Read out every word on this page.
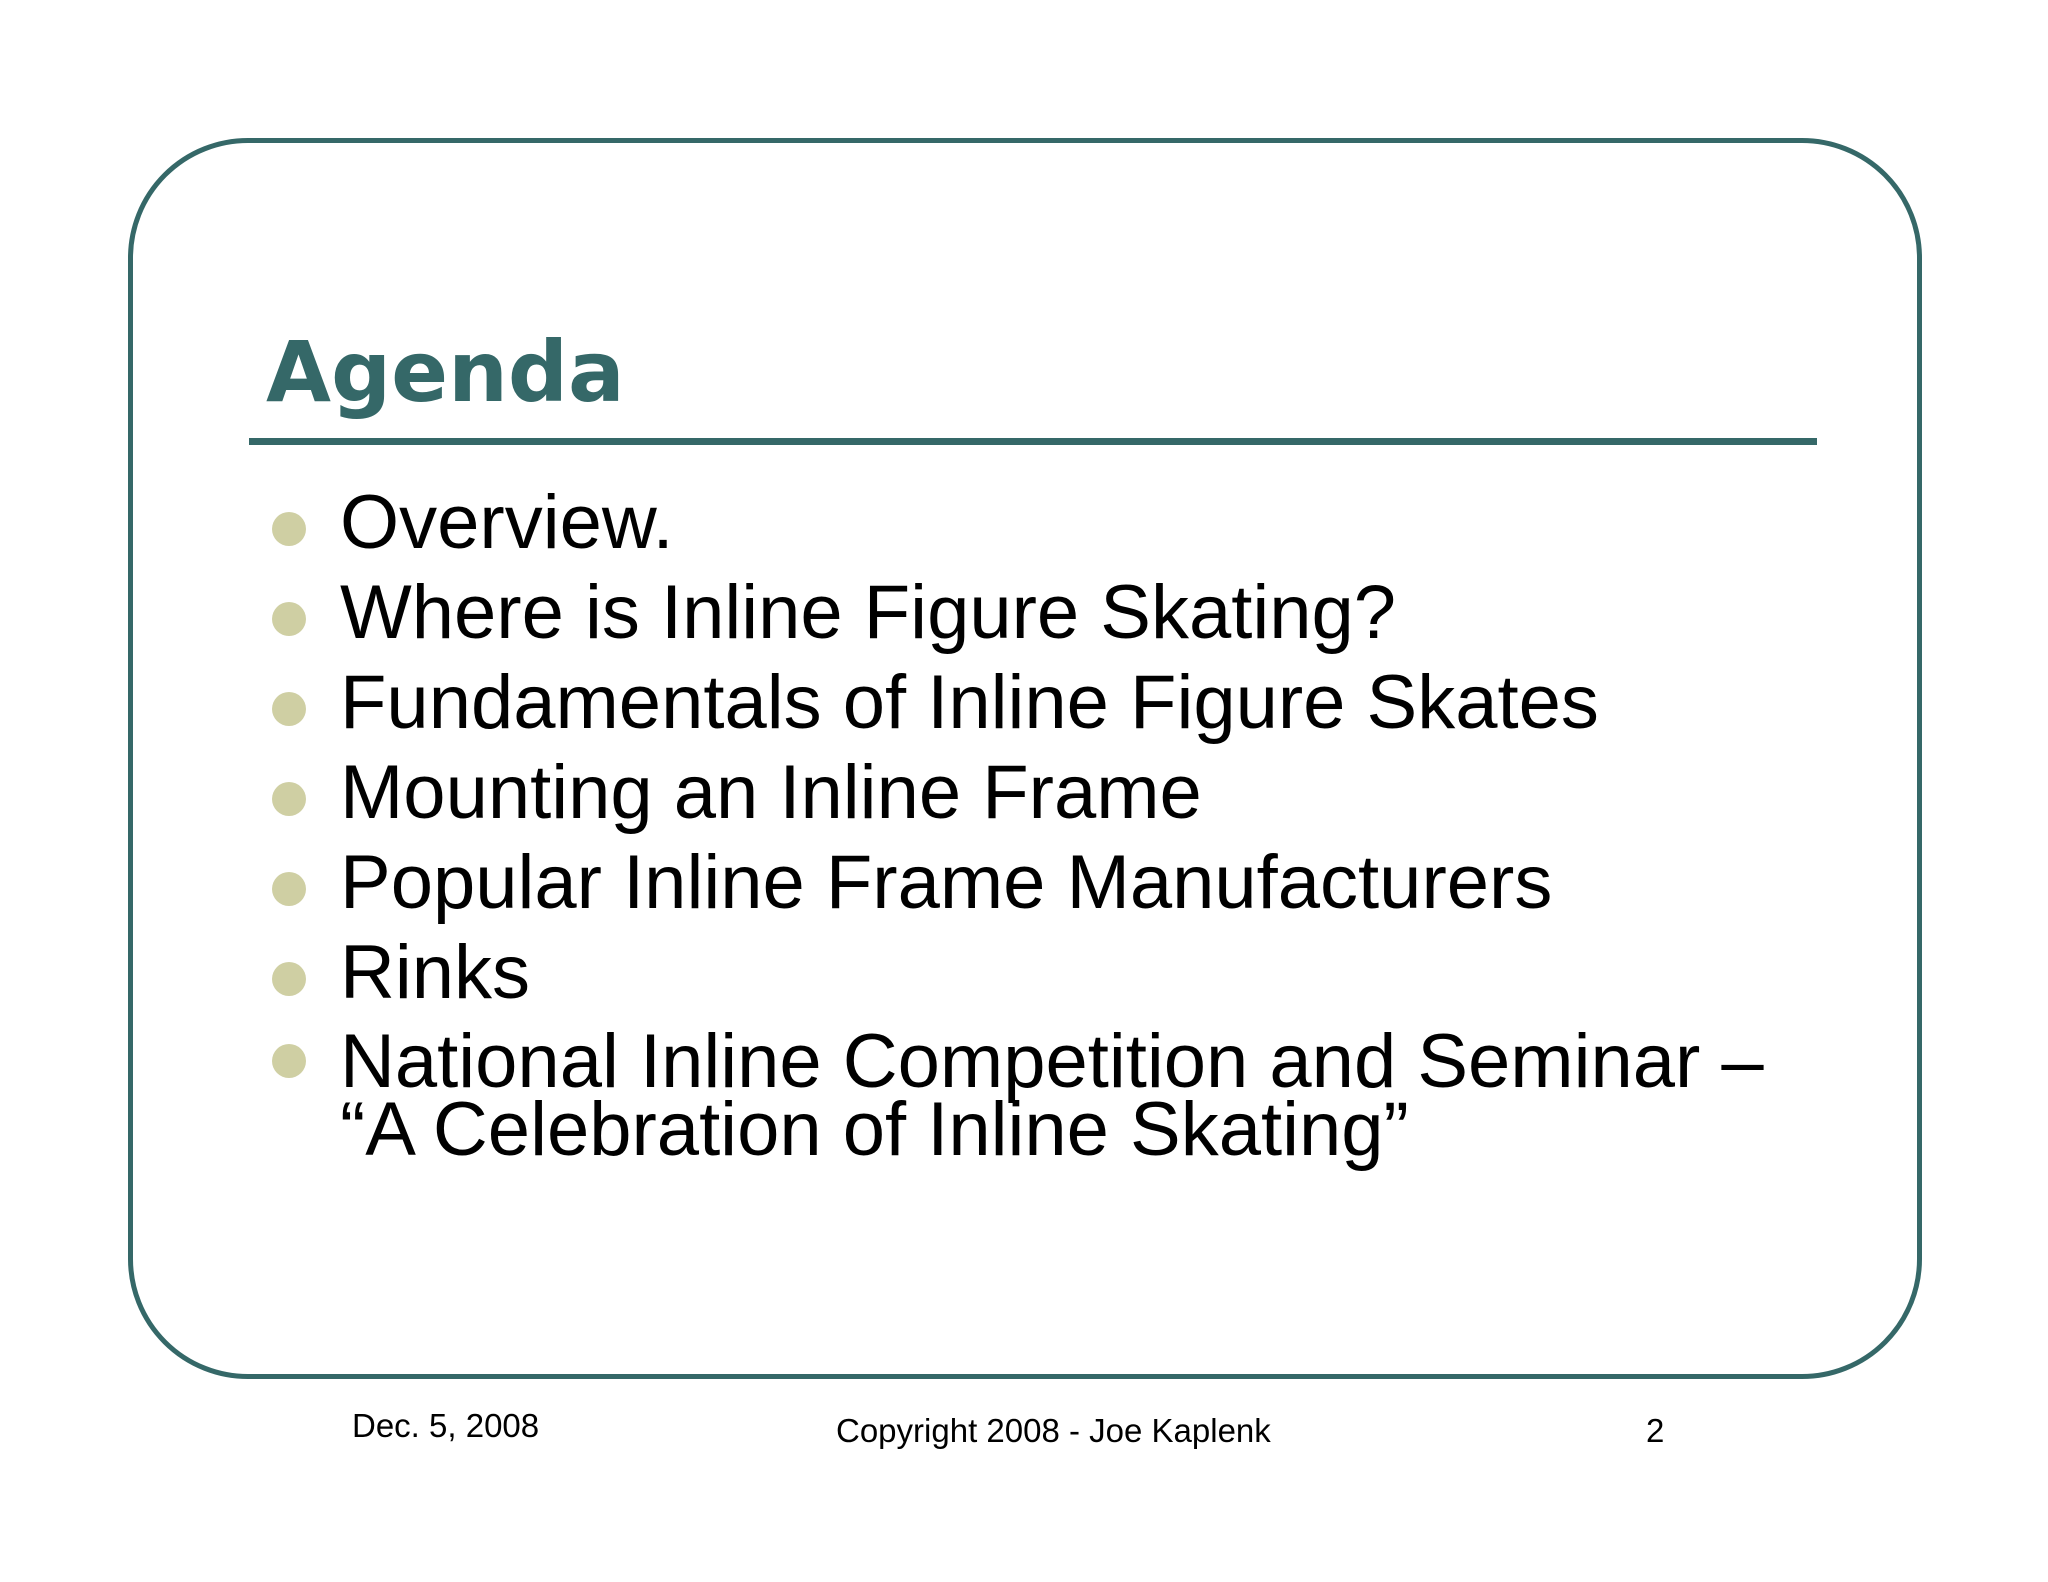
Agenda
Overview.
Where is Inline Figure Skating?
Fundamentals of Inline Figure Skates
Mounting an Inline Frame
Popular Inline Frame Manufacturers
Rinks
National Inline Competition and Seminar – “A Celebration of Inline Skating”
Dec. 5, 2008	Copyright 2008 - Joe Kaplenk	2
